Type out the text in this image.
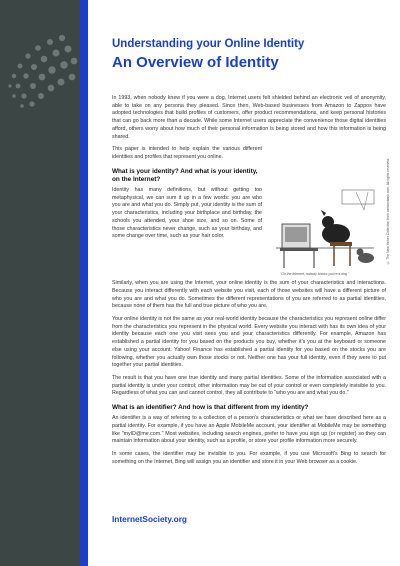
Understanding your Online Identity
An Overview of Identity

In 1993, when nobody knew if you were a dog, Internet users felt shielded behind an electronic veil of anonymity, able to take on any persona they pleased. Since then, Web-based businesses from Amazon to Zappos have adopted technologies that build profiles of customers, offer product recommendations, and keep personal histories that can go back more than a decade. While some Internet users appreciate the convenience those digital identities afford, others worry about how much of their personal information is being stored and how this information is being shared.

This paper is intended to help explain the various different identities and profiles that represent you online.

What is your identity? And what is your identity, on the Internet?

Identity has many definitions, but without getting too metaphysical, we can sum it up in a few words: you are who you are and what you do. Simply put, your identity is the sum of your characteristics, including your birthplace and birthday, the schools you attended, your shoe size, and so on. Some of those characteristics never change, such as your birthday, and some change over time, such as your hair color.

"On the Internet, nobody knows you're a dog."
© The New Yorker Collection from cartoonbank.com. All rights reserved.

Similarly, when you are using the Internet, your online identity is the sum of your characteristics and interactions. Because you interact differently with each website you visit, each of those websites will have a different picture of who you are and what you do. Sometimes the different representations of you are referred to as partial identities, because none of them has the full and true picture of who you are.

Your online identity is not the same as your real-world identity because the characteristics you represent online differ from the characteristics you represent in the physical world. Every website you interact with has its own idea of your identity because each one you visit sees you and your characteristics differently. For example, Amazon has established a partial identity for you based on the products you buy, whether it's you at the keyboard or someone else using your account. Yahoo! Finance has established a partial identity for you based on the stocks you are following, whether you actually own those stocks or not. Neither one has your full identity, even if they were to put together your partial identities.

The result is that you have one true identity and many partial identities. Some of the information associated with a partial identity is under your control; other information may be out of your control or even completely invisible to you. Regardless of what you can and cannot control, they all contribute to "who you are and what you do."

What is an identifier? And how is that different from my identity?

An identifier is a way of referring to a collection of a person's characteristics or what we have described here as a partial identity. For example, if you have an Apple MobileMe account, your identifier at MobileMe may be something like "myID@me.com." Most websites, including search engines, prefer to have you sign up (or register) so they can maintain information about your identity, such as a profile, or store your profile information more securely.

In some cases, the identifier may be invisible to you. For example, if you use Microsoft's Bing to search for something on the Internet, Bing will assign you an identifier and store it in your Web browser as a cookie.

InternetSociety.org
